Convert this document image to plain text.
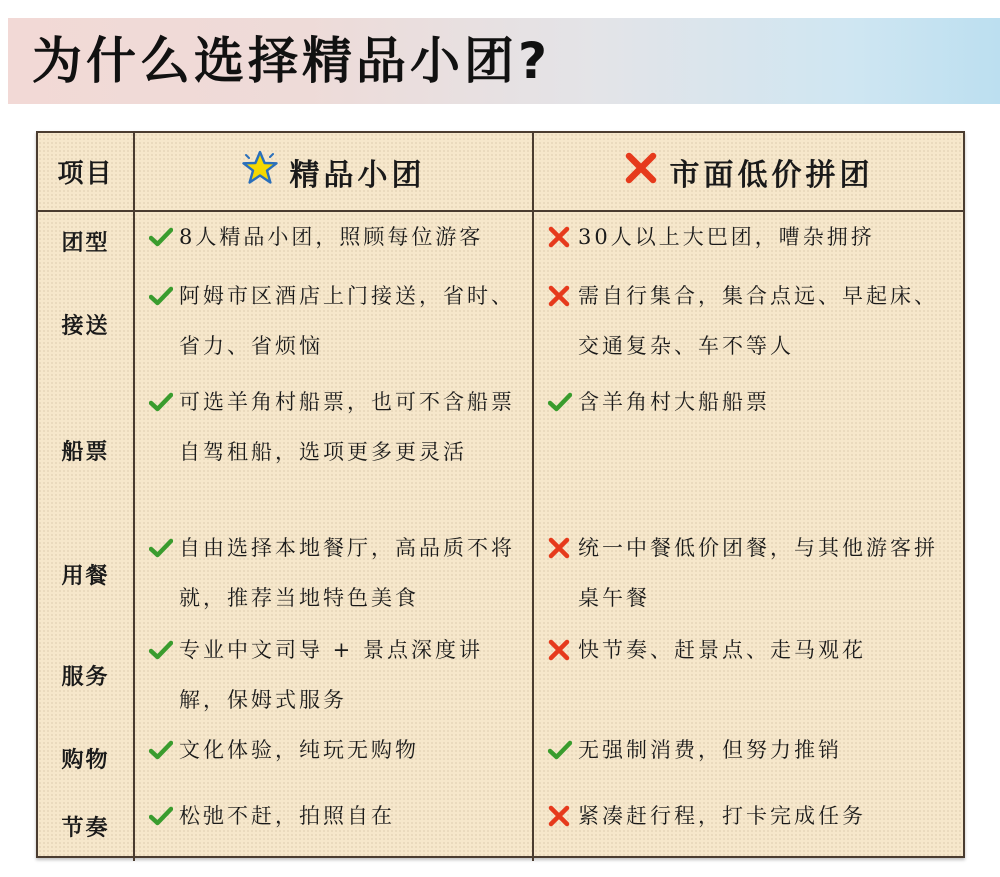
为什么选择精品小团?
项目	精品小团	市面低价拼团
团型	8人精品小团，照顾每位游客	30人以上大巴团，嘈杂拥挤

接送	阿姆市区酒店上门接送，省时、省力、省烦恼	需自行集合，集合点远、早起床、交通复杂、车不等人

船票	可选羊角村船票，也可不含船票自驾租船，选项更多更灵活	含羊角村大船船票

用餐	自由选择本地餐厅，高品质不将就，推荐当地特色美食	统一中餐低价团餐，与其他游客拼桌午餐

服务	专业中文司导 + 景点深度讲解，保姆式服务	快节奏、赶景点、走马观花

购物	文化体验，纯玩无购物	无强制消费，但努力推销

节奏	松弛不赶，拍照自在	紧凑赶行程，打卡完成任务
